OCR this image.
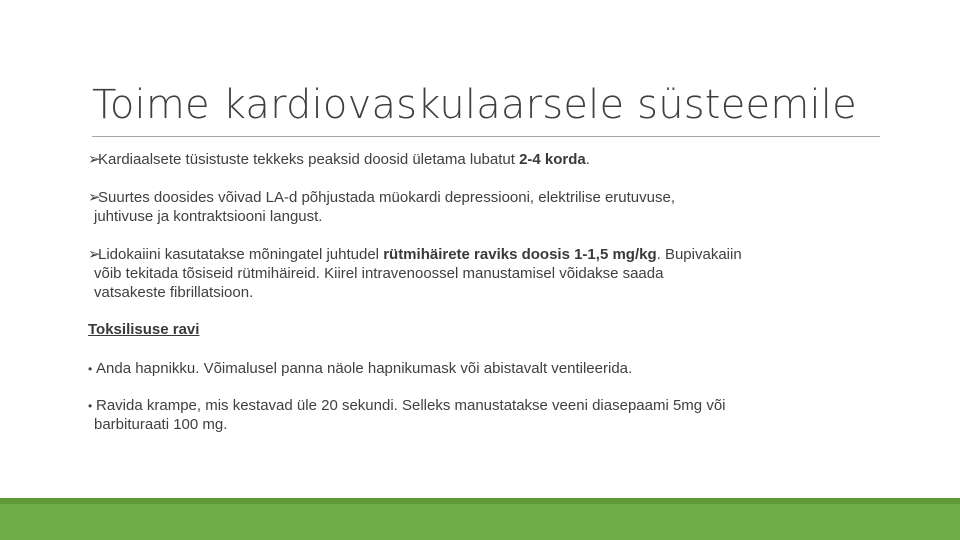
Toime kardiovaskulaarsele süsteemile
➢
Kardiaalsete tüsistuste tekkeks peaksid doosid ületama lubatut 2-4 korda.
➢
Suurtes doosides võivad LA-d põhjustada müokardi depressiooni, elektrilise erutuvuse,
juhtivuse ja kontraktsiooni langust.
➢
Lidokaiini kasutatakse mõningatel juhtudel rütmihäirete raviks doosis 1-1,5 mg/kg. Bupivakaiin
võib tekitada tõsiseid rütmihäireid. Kiirel intravenoossel manustamisel võidakse saada
vatsakeste fibrillatsioon.
Toksilisuse ravi
• Anda hapnikku. Võimalusel panna näole hapnikumask või abistavalt ventileerida.
• Ravida krampe, mis kestavad üle 20 sekundi. Selleks manustatakse veeni diasepaami 5mg või
barbituraati 100 mg.
